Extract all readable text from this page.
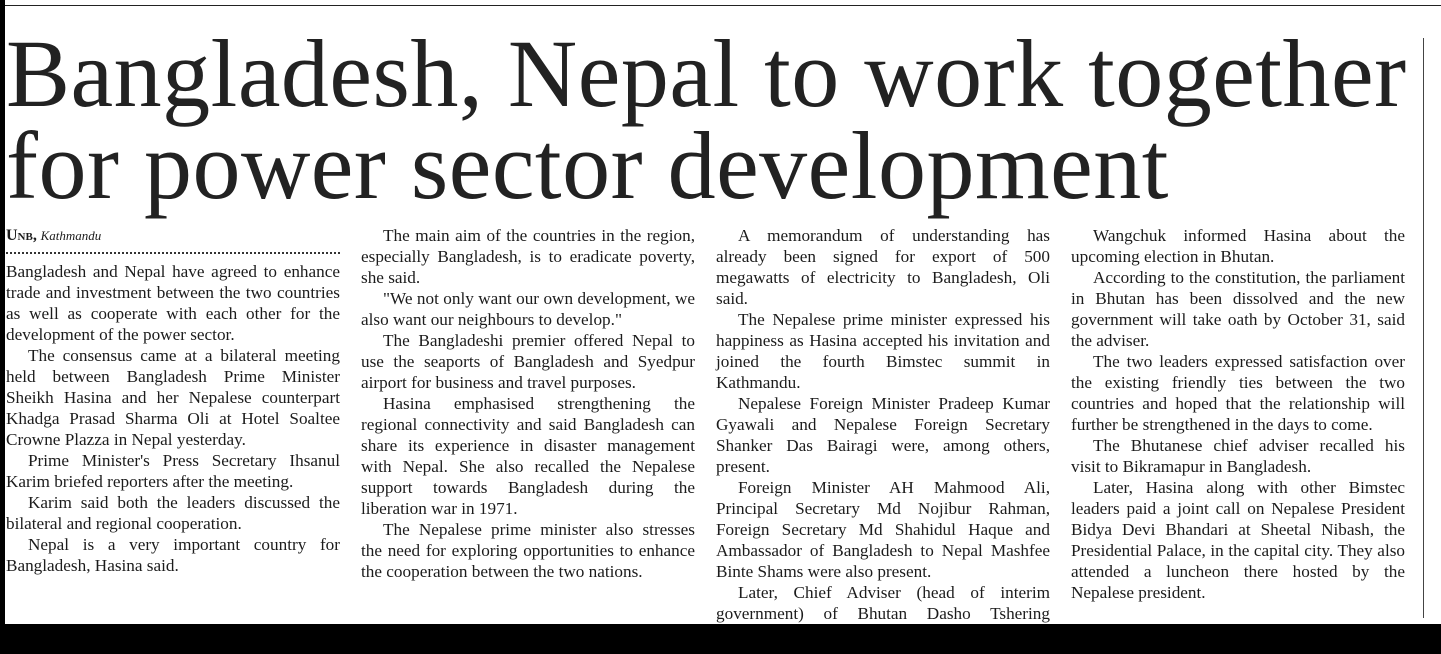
Bangladesh, Nepal to work together
for power sector development
Unb, Kathmandu

Bangladesh and Nepal have agreed to enhance trade and investment between the two countries as well as cooperate with each other for the development of the power sector.

The consensus came at a bilateral meeting held between Bangladesh Prime Minister Sheikh Hasina and her Nepalese counterpart Khadga Prasad Sharma Oli at Hotel Soaltee Crowne Plazza in Nepal yesterday.

Prime Minister's Press Secretary Ihsanul Karim briefed reporters after the meeting.

Karim said both the leaders discussed the bilateral and regional cooperation.

Nepal is a very important country for Bangladesh, Hasina said.

The main aim of the countries in the region, especially Bangladesh, is to eradicate poverty, she said.

"We not only want our own development, we also want our neighbours to develop."

The Bangladeshi premier offered Nepal to use the seaports of Bangladesh and Syedpur airport for business and travel purposes.

Hasina emphasised strengthening the regional connectivity and said Bangladesh can share its experience in disaster management with Nepal. She also recalled the Nepalese support towards Bangladesh during the liberation war in 1971.

The Nepalese prime minister also stresses the need for exploring opportunities to enhance the cooperation between the two nations.

A memorandum of understanding has already been signed for export of 500 megawatts of electricity to Bangladesh, Oli said.

The Nepalese prime minister expressed his happiness as Hasina accepted his invitation and joined the fourth Bimstec summit in Kathmandu.

Nepalese Foreign Minister Pradeep Kumar Gyawali and Nepalese Foreign Secretary Shanker Das Bairagi were, among others, present.

Foreign Minister AH Mahmood Ali, Principal Secretary Md Nojibur Rahman, Foreign Secretary Md Shahidul Haque and Ambassador of Bangladesh to Nepal Mashfee Binte Shams were also present.

Later, Chief Adviser (head of interim government) of Bhutan Dasho Tshering

Wangchuk informed Hasina about the upcoming election in Bhutan.

According to the constitution, the parliament in Bhutan has been dissolved and the new government will take oath by October 31, said the adviser.

The two leaders expressed satisfaction over the existing friendly ties between the two countries and hoped that the relationship will further be strengthened in the days to come.

The Bhutanese chief adviser recalled his visit to Bikramapur in Bangladesh.

Later, Hasina along with other Bimstec leaders paid a joint call on Nepalese President Bidya Devi Bhandari at Sheetal Nibash, the Presidential Palace, in the capital city. They also attended a luncheon there hosted by the Nepalese president.
